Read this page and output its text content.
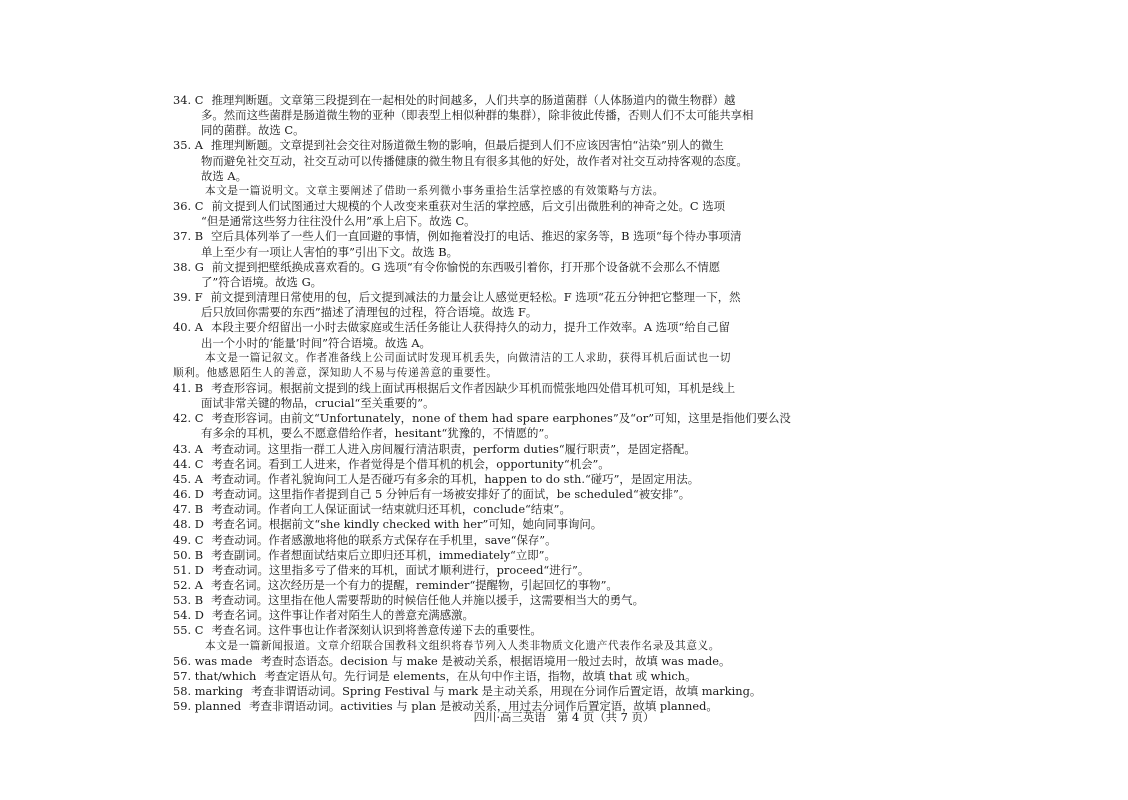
34. C 推理判断题。文章第三段提到在一起相处的时间越多，人们共享的肠道菌群（人体肠道内的微生物群）越
多。然而这些菌群是肠道微生物的亚种（即表型上相似种群的集群），除非彼此传播，否则人们不太可能共享相
同的菌群。故选 C。
35. A 推理判断题。文章提到社会交往对肠道微生物的影响，但最后提到人们不应该因害怕“沾染”别人的微生
物而避免社交互动，社交互动可以传播健康的微生物且有很多其他的好处，故作者对社交互动持客观的态度。
故选 A。
本文是一篇说明文。文章主要阐述了借助一系列微小事务重拾生活掌控感的有效策略与方法。
36. C 前文提到人们试图通过大规模的个人改变来重获对生活的掌控感，后文引出微胜利的神奇之处。C 选项
“但是通常这些努力往往没什么用”承上启下。故选 C。
37. B 空后具体列举了一些人们一直回避的事情，例如拖着没打的电话、推迟的家务等，B 选项“每个待办事项清
单上至少有一项让人害怕的事”引出下文。故选 B。
38. G 前文提到把壁纸换成喜欢看的。G 选项“有令你愉悦的东西吸引着你，打开那个设备就不会那么不情愿
了”符合语境。故选 G。
39. F 前文提到清理日常使用的包，后文提到减法的力量会让人感觉更轻松。F 选项“花五分钟把它整理一下，然
后只放回你需要的东西”描述了清理包的过程，符合语境。故选 F。
40. A 本段主要介绍留出一小时去做家庭或生活任务能让人获得持久的动力，提升工作效率。A 选项“给自己留
出一个小时的‘能量’时间”符合语境。故选 A。
本文是一篇记叙文。作者准备线上公司面试时发现耳机丢失，向做清洁的工人求助，获得耳机后面试也一切
顺利。他感恩陌生人的善意，深知助人不易与传递善意的重要性。
41. B 考查形容词。根据前文提到的线上面试再根据后文作者因缺少耳机而慌张地四处借耳机可知，耳机是线上
面试非常关键的物品，crucial“至关重要的”。
42. C 考查形容词。由前文“Unfortunately，none of them had spare earphones”及“or”可知，这里是指他们要么没
有多余的耳机，要么不愿意借给作者，hesitant“犹豫的，不情愿的”。
43. A 考查动词。这里指一群工人进入房间履行清洁职责，perform duties“履行职责”，是固定搭配。
44. C 考查名词。看到工人进来，作者觉得是个借耳机的机会，opportunity“机会”。
45. A 考查动词。作者礼貌询问工人是否碰巧有多余的耳机，happen to do sth.“碰巧”，是固定用法。
46. D 考查动词。这里指作者提到自己 5 分钟后有一场被安排好了的面试，be scheduled“被安排”。
47. B 考查动词。作者向工人保证面试一结束就归还耳机，conclude“结束”。
48. D 考查名词。根据前文“she kindly checked with her”可知，她向同事询问。
49. C 考查动词。作者感激地将他的联系方式保存在手机里，save“保存”。
50. B 考查副词。作者想面试结束后立即归还耳机，immediately“立即”。
51. D 考查动词。这里指多亏了借来的耳机，面试才顺利进行，proceed“进行”。
52. A 考查名词。这次经历是一个有力的提醒，reminder“提醒物，引起回忆的事物”。
53. B 考查动词。这里指在他人需要帮助的时候信任他人并施以援手，这需要相当大的勇气。
54. D 考查名词。这件事让作者对陌生人的善意充满感激。
55. C 考查名词。这件事也让作者深刻认识到将善意传递下去的重要性。
本文是一篇新闻报道。文章介绍联合国教科文组织将春节列入人类非物质文化遗产代表作名录及其意义。
56. was made 考查时态语态。decision 与 make 是被动关系，根据语境用一般过去时，故填 was made。
57. that/which 考查定语从句。先行词是 elements，在从句中作主语，指物，故填 that 或 which。
58. marking 考查非谓语动词。Spring Festival 与 mark 是主动关系，用现在分词作后置定语，故填 marking。
59. planned 考查非谓语动词。activities 与 plan 是被动关系，用过去分词作后置定语，故填 planned。
四川·高三英语　第 4 页（共 7 页）
